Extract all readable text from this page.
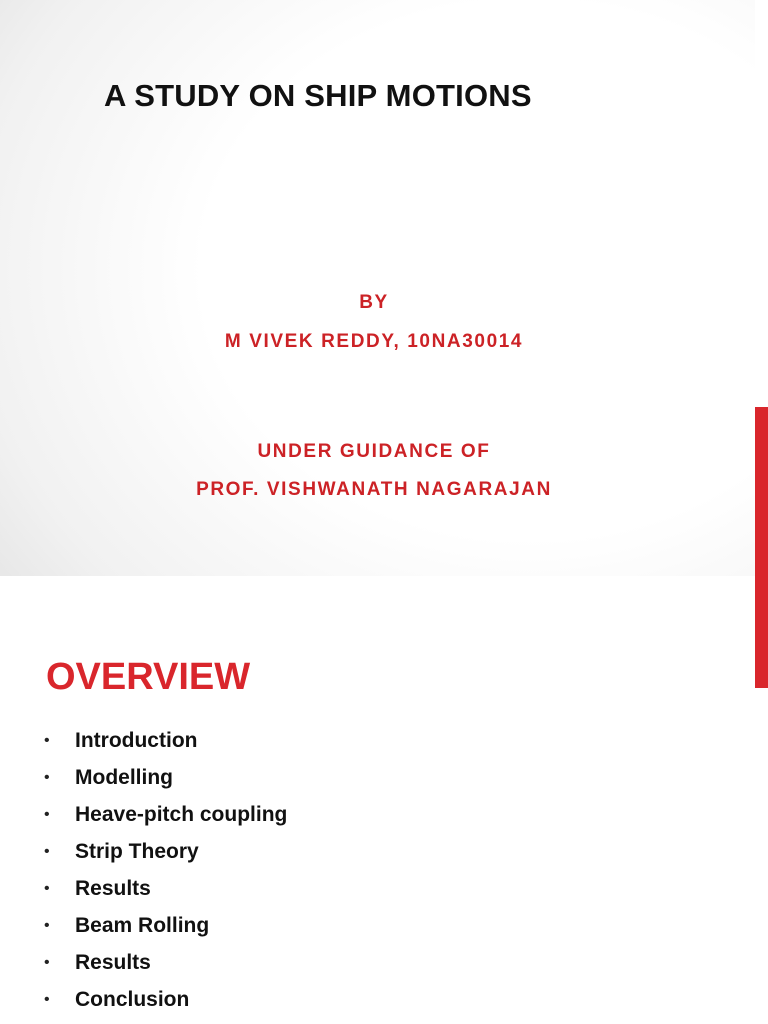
A STUDY ON SHIP MOTIONS

BY

M VIVEK REDDY, 10NA30014

UNDER GUIDANCE OF

PROF. VISHWANATH NAGARAJAN

OVERVIEW
•	Introduction
•	Modelling
•	Heave-pitch coupling
•	Strip Theory
•	Results
•	Beam Rolling
•	Results
•	Conclusion
